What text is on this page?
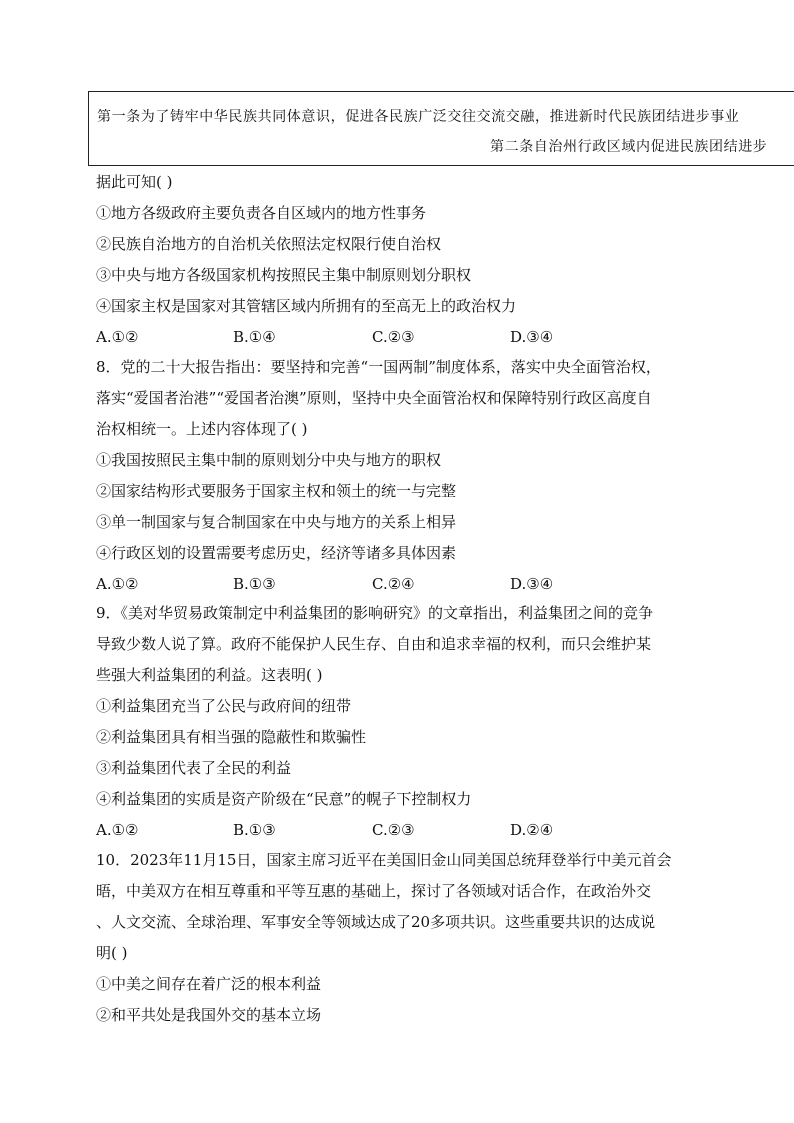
第一条为了铸牢中华民族共同体意识，促进各民族广泛交往交流交融，推进新时代民族团结进步事业
第二条自治州行政区域内促进民族团结进步
据此可知( )
①地方各级政府主要负责各自区域内的地方性事务
②民族自治地方的自治机关依照法定权限行使自治权
③中央与地方各级国家机构按照民主集中制原则划分职权
④国家主权是国家对其管辖区域内所拥有的至高无上的政治权力
A.①②	B.①④	C.②③	D.③④
8．党的二十大报告指出：要坚持和完善“一国两制”制度体系，落实中央全面管治权，
落实“爱国者治港”“爱国者治澳”原则，坚持中央全面管治权和保障特别行政区高度自
治权相统一。上述内容体现了( )
①我国按照民主集中制的原则划分中央与地方的职权
②国家结构形式要服务于国家主权和领土的统一与完整
③单一制国家与复合制国家在中央与地方的关系上相异
④行政区划的设置需要考虑历史，经济等诸多具体因素
A.①②	B.①③	C.②④	D.③④
9．《美对华贸易政策制定中利益集团的影响研究》的文章指出，利益集团之间的竞争
导致少数人说了算。政府不能保护人民生存、自由和追求幸福的权利，而只会维护某
些强大利益集团的利益。这表明( )
①利益集团充当了公民与政府间的纽带
②利益集团具有相当强的隐蔽性和欺骗性
③利益集团代表了全民的利益
④利益集团的实质是资产阶级在“民意”的幌子下控制权力
A.①②	B.①③	C.②③	D.②④
10．2023年11月15日，国家主席习近平在美国旧金山同美国总统拜登举行中美元首会
晤，中美双方在相互尊重和平等互惠的基础上，探讨了各领域对话合作，在政治外交
、人文交流、全球治理、军事安全等领域达成了20多项共识。这些重要共识的达成说
明( )
①中美之间存在着广泛的根本利益
②和平共处是我国外交的基本立场
